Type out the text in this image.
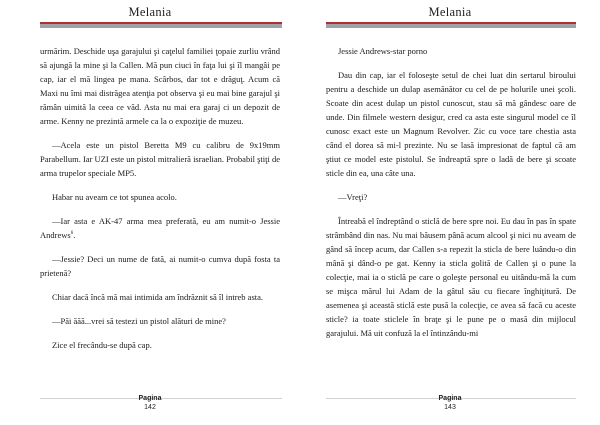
Melania

urmărim. Deschide uşa garajului şi caţelul familiei ţopaie zurliu vrând să ajungă la mine şi la Callen. Mă pun ciuci în faţa lui şi îl mangâi pe cap, iar el mă lingea pe mana. Scârbos, dar tot e drăguţ. Acum că Maxi nu îmi mai distrăgea atenţia pot observa şi eu mai bine garajul şi rămân uimită la ceea ce văd. Asta nu mai era garaj ci un depozit de arme. Kenny ne prezintă armele ca la o expoziţie de muzeu.

—Acela este un pistol Beretta M9 cu calibru de 9x19mm Parabellum. Iar UZI este un pistol mitralieră israelian. Probabil ştiţi de arma trupelor speciale MP5.

Habar nu aveam ce tot spunea acolo.

—Iar asta e AK-47 arma mea preferată, eu am numit-o Jessie Andrews$^6$.

—Jessie? Deci un nume de fată, ai numit-o cumva după fosta ta prietenă?

Chiar dacă încă mă mai intimida am îndrăznit să îl intreb asta.

—Păi ăăă...vrei să testezi un pistol alături de mine?

Zice el frecându-se după cap.

Pagina
142
Melania

Jessie Andrews-star porno

Dau din cap, iar el foloseşte setul de chei luat din sertarul biroului pentru a deschide un dulap asemănător cu cel de pe holurile unei şcoli. Scoate din acest dulap un pistol cunoscut, stau să mă gândesc oare de unde. Din filmele western desigur, cred ca asta este singurul model ce îl cunosc exact este un Magnum Revolver. Zic cu voce tare chestia asta când el dorea să mi-l prezinte. Nu se lasă impresionat de faptul că am ştiut ce model este pistolul. Se îndreaptă spre o ladă de bere şi scoate sticle din ea, una câte una.

—Vreţi?

Întreabă el îndreptând o sticlă de bere spre noi. Eu dau în pas în spate strâmbând din nas. Nu mai băusem până acum alcool şi nici nu aveam de gând să încep acum, dar Callen s-a repezit la sticla de bere luându-o din mână şi dând-o pe gat. Kenny ia sticla golită de Callen şi o pune la colecţie, mai ia o sticlă pe care o goleşte personal eu uitându-mă la cum se mişca mărul lui Adam de la gâtul său cu fiecare înghiţitură. De asemenea şi această sticlă este pusă la colecţie, ce avea să facă cu aceste sticle? ia toate sticlele în braţe şi le pune pe o masă din mijlocul garajului. Mă uit confuză la el întinzându-mi

Pagina
143
